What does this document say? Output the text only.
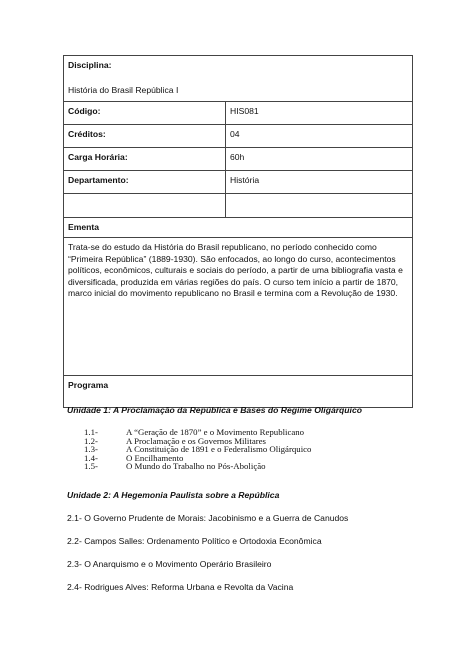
Disciplina:
História do Brasil República I	

Código:	HIS081
Créditos:	04
Carga Horária:	60h
Departamento:	História

Ementa	

Trata-se do estudo da História do Brasil republicano, no período conhecido como “Primeira República” (1889-1930). São enfocados, ao longo do curso, acontecimentos políticos, econômicos, culturais e sociais do período, a partir de uma bibliografia vasta e diversificada, produzida em várias regiões do país. O curso tem início a partir de 1870, marco inicial do movimento republicano no Brasil e termina com a Revolução de 1930.	

Programa	

Unidade 1: A Proclamação da República e Bases do Regime Oligárquico

1.1-	A “Geração de 1870” e o Movimento Republicano
1.2-	A Proclamação e os Governos Militares
1.3-	A Constituição de 1891 e o Federalismo Oligárquico
1.4-	O Encilhamento
1.5-	O Mundo do Trabalho no Pós-Abolição

Unidade 2: A Hegemonia Paulista sobre a República

2.1- O Governo Prudente de Morais: Jacobinismo e a Guerra de Canudos

2.2- Campos Salles: Ordenamento Político e Ortodoxia Econômica

2.3- O Anarquismo e o Movimento Operário Brasileiro

2.4- Rodrigues Alves: Reforma Urbana e Revolta da Vacina
